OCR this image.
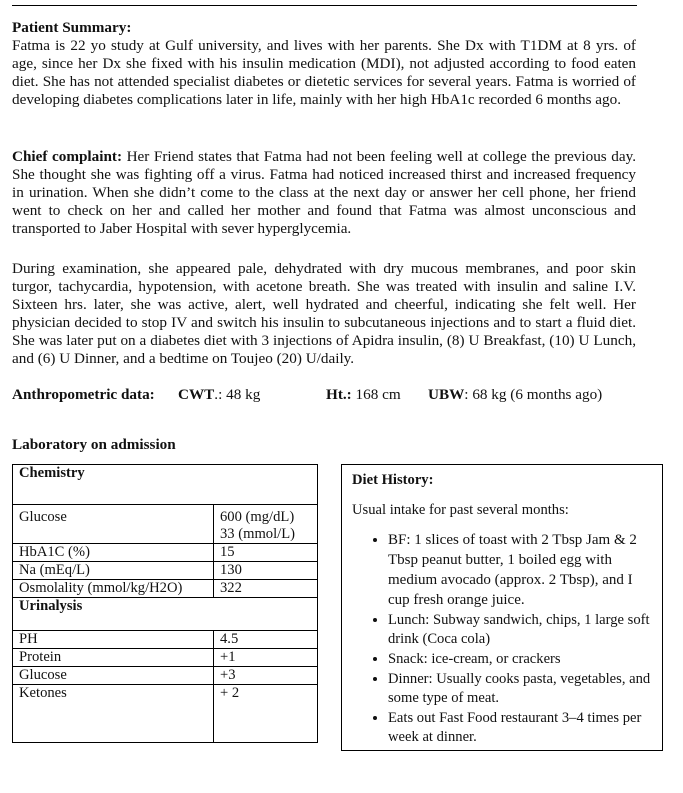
Patient Summary:
Fatma is 22 yo study at Gulf university, and lives with her parents. She Dx with T1DM at 8 yrs. of age, since her Dx she fixed with his insulin medication (MDI), not adjusted according to food eaten diet. She has not attended specialist diabetes or dietetic services for several years. Fatma is worried of developing diabetes complications later in life, mainly with her high HbA1c recorded 6 months ago.
Chief complaint: Her Friend states that Fatma had not been feeling well at college the previous day. She thought she was fighting off a virus. Fatma had noticed increased thirst and increased frequency in urination. When she didn’t come to the class at the next day or answer her cell phone, her friend went to check on her and called her mother and found that Fatma was almost unconscious and transported to Jaber Hospital with sever hyperglycemia.
During examination, she appeared pale, dehydrated with dry mucous membranes, and poor skin turgor, tachycardia, hypotension, with acetone breath. She was treated with insulin and saline I.V. Sixteen hrs. later, she was active, alert, well hydrated and cheerful, indicating she felt well. Her physician decided to stop IV and switch his insulin to subcutaneous injections and to start a fluid diet. She was later put on a diabetes diet with 3 injections of Apidra insulin, (8) U Breakfast, (10) U Lunch, and (6) U Dinner, and a bedtime on Toujeo (20) U/daily.
Anthropometric data: CWT.: 48 kg	Ht.: 168 cm UBW: 68 kg (6 months ago)
Laboratory on admission
Chemistry	
Glucose	600 (mg/dL)
33 (mmol/L)
HbA1C (%)	15
Na (mEq/L)	130
Osmolality (mmol/kg/H2O)	322
Urinalysis	
PH	4.5
Protein	+1
Glucose	+3
Ketones	+ 2
Diet History:
Usual intake for past several months:
• BF: 1 slices of toast with 2 Tbsp Jam & 2 Tbsp peanut butter, 1 boiled egg with medium avocado (approx. 2 Tbsp), and I cup fresh orange juice.
• Lunch: Subway sandwich, chips, 1 large soft drink (Coca cola)
• Snack: ice-cream, or crackers
• Dinner: Usually cooks pasta, vegetables, and some type of meat.
• Eats out Fast Food restaurant 3–4 times per week at dinner.
